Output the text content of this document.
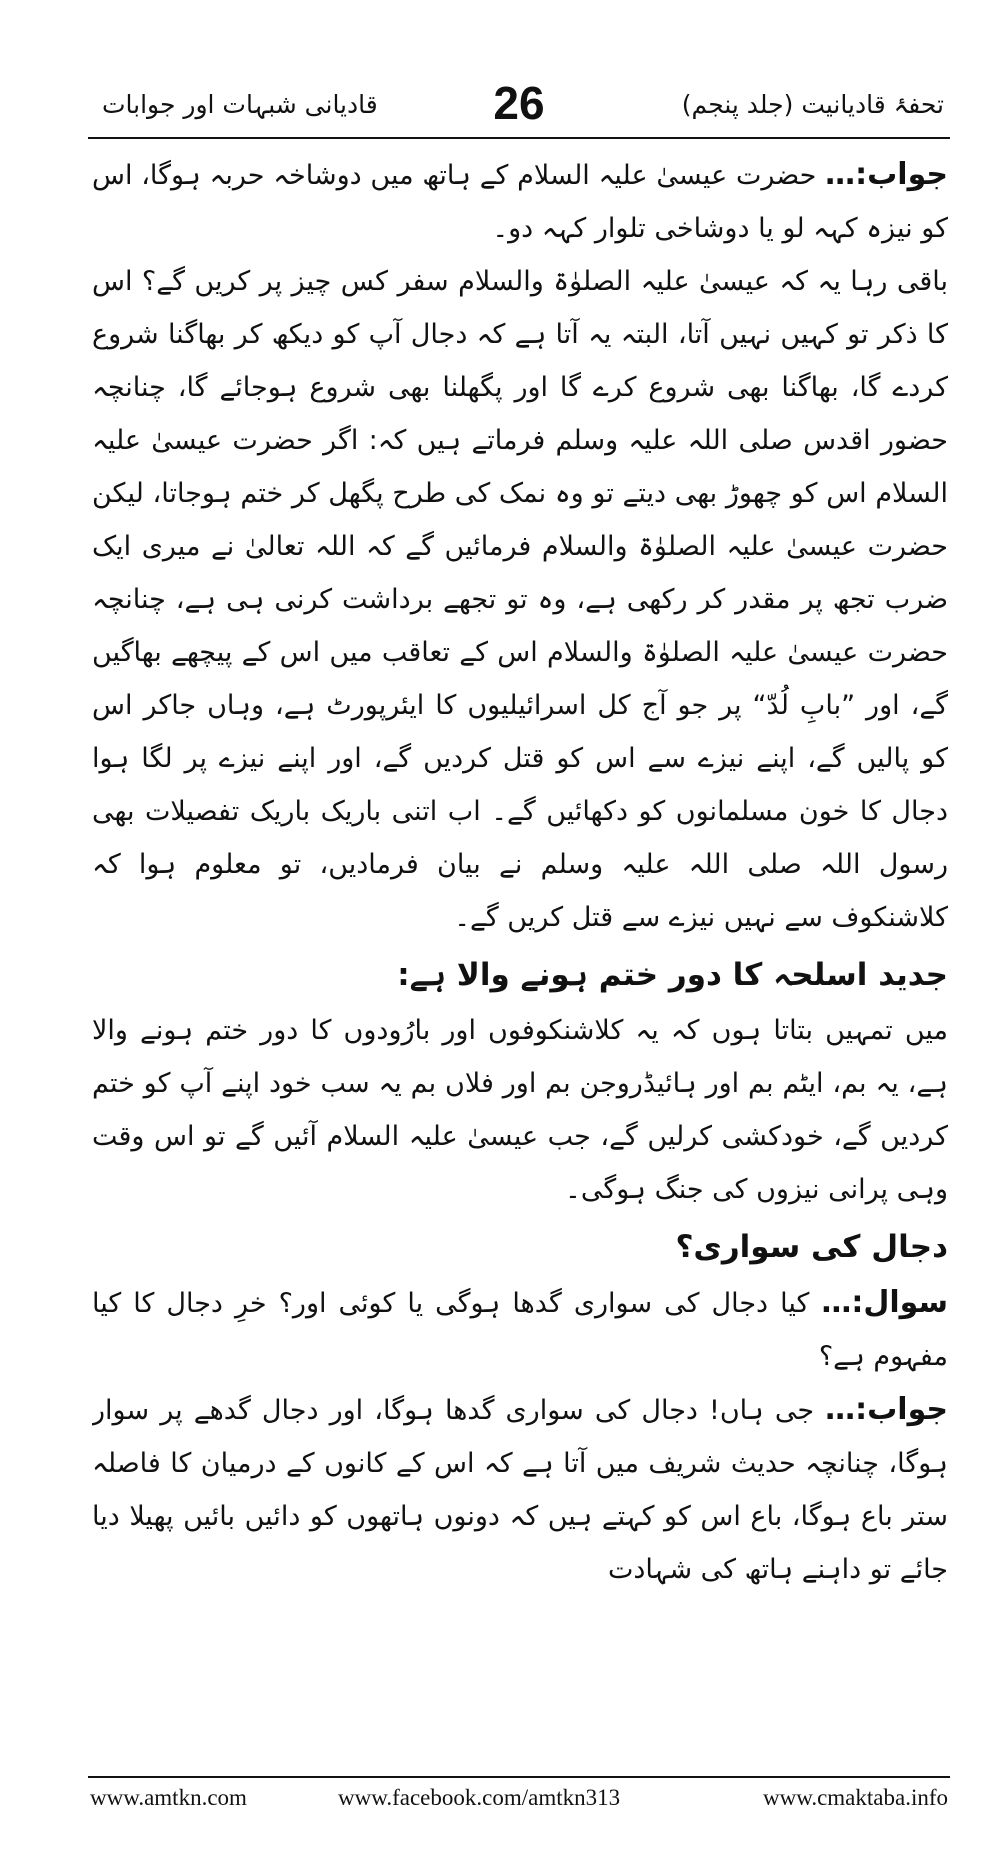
تحفۂ قادیانیت (جلد پنجم)
26
قادیانی شبہات اور جوابات

جواب:… حضرت عیسیٰ علیہ السلام کے ہاتھ میں دوشاخہ حربہ ہوگا، اس کو نیزہ کہہ لو یا دوشاخی تلوار کہہ دو۔

باقی رہا یہ کہ عیسیٰ علیہ الصلوٰۃ والسلام سفر کس چیز پر کریں گے؟ اس کا ذکر تو کہیں نہیں آتا، البتہ یہ آتا ہے کہ دجال آپ کو دیکھ کر بھاگنا شروع کردے گا، بھاگنا بھی شروع کرے گا اور پگھلنا بھی شروع ہوجائے گا، چنانچہ حضور اقدس صلی اللہ علیہ وسلم فرماتے ہیں کہ: اگر حضرت عیسیٰ علیہ السلام اس کو چھوڑ بھی دیتے تو وہ نمک کی طرح پگھل کر ختم ہوجاتا، لیکن حضرت عیسیٰ علیہ الصلوٰۃ والسلام فرمائیں گے کہ اللہ تعالیٰ نے میری ایک ضرب تجھ پر مقدر کر رکھی ہے، وہ تو تجھے برداشت کرنی ہی ہے، چنانچہ حضرت عیسیٰ علیہ الصلوٰۃ والسلام اس کے تعاقب میں اس کے پیچھے بھاگیں گے، اور ”بابِ لُدّ“ پر جو آج کل اسرائیلیوں کا ایئرپورٹ ہے، وہاں جاکر اس کو پالیں گے، اپنے نیزے سے اس کو قتل کردیں گے، اور اپنے نیزے پر لگا ہوا دجال کا خون مسلمانوں کو دکھائیں گے۔ اب اتنی باریک باریک تفصیلات بھی رسول اللہ صلی اللہ علیہ وسلم نے بیان فرمادیں، تو معلوم ہوا کہ کلاشنکوف سے نہیں نیزے سے قتل کریں گے۔

جدید اسلحہ کا دور ختم ہونے والا ہے:

میں تمہیں بتاتا ہوں کہ یہ کلاشنکوفوں اور بارُودوں کا دور ختم ہونے والا ہے، یہ بم، ایٹم بم اور ہائیڈروجن بم اور فلاں بم یہ سب خود اپنے آپ کو ختم کردیں گے، خودکشی کرلیں گے، جب عیسیٰ علیہ السلام آئیں گے تو اس وقت وہی پرانی نیزوں کی جنگ ہوگی۔

دجال کی سواری؟

سوال:… کیا دجال کی سواری گدھا ہوگی یا کوئی اور؟ خرِ دجال کا کیا مفہوم ہے؟

جواب:… جی ہاں! دجال کی سواری گدھا ہوگا، اور دجال گدھے پر سوار ہوگا، چنانچہ حدیث شریف میں آتا ہے کہ اس کے کانوں کے درمیان کا فاصلہ ستر باع ہوگا، باع اس کو کہتے ہیں کہ دونوں ہاتھوں کو دائیں بائیں پھیلا دیا جائے تو داہنے ہاتھ کی شہادت

www.amtkn.com	www.facebook.com/amtkn313	www.cmaktaba.info
